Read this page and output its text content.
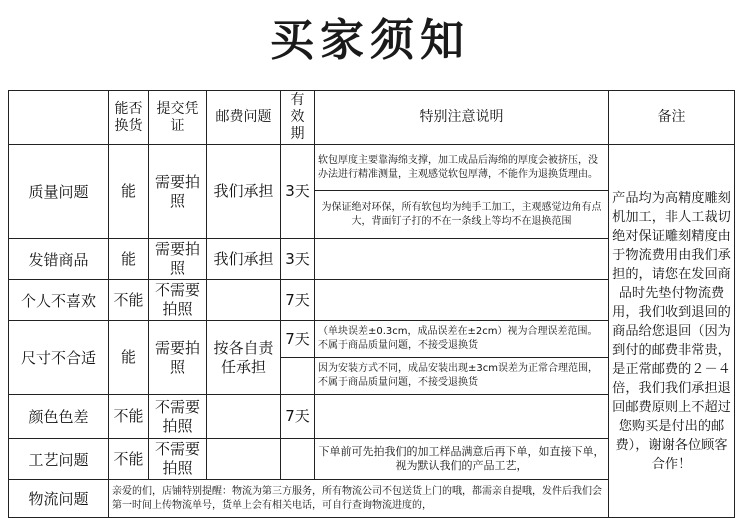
买家须知
	能否换货	提交凭证	邮费问题	有效期	特别注意说明	备注
质量问题	能	需要拍照	我们承担	3天	软包厚度主要靠海绵支撑，加工成品后海绵的厚度会被挤压，没办法进行精准测量，主观感觉软包厚薄，不能作为退换货理由。	产品均为高精度雕刻机加工，非人工裁切绝对保证雕刻精度由于物流费用由我们承担的，请您在发回商品时先垫付物流费用，我们收到退回的商品给您退回（因为到付的邮费非常贵，是正常邮费的２－４倍，我们我们承担退回邮费原则上不超过您购买是付出的邮费），谢谢各位顾客合作！
					为保证绝对环保，所有软包均为纯手工加工，主观感觉边角有点大，背面钉子打的不在一条线上等均不在退换范围	
发错商品	能	需要拍照	我们承担	3天		
个人不喜欢	不能	不需要拍照		7天		
尺寸不合适	能	需要拍照	按各自责任承担	7天	（单块误差±0.3cm，成品误差在±2cm）视为合理误差范围。不属于商品质量问题，不接受退换货	
					因为安装方式不同，成品安装出现±3cm误差为正常合理范围，不属于商品质量问题，不接受退换货	
颜色色差	不能	不需要拍照		7天		
工艺问题	不能	不需要拍照			下单前可先拍我们的加工样品满意后再下单，如直接下单，视为默认我们的产品工艺，	
物流问题	亲爱的们，店铺特别提醒：物流为第三方服务，所有物流公司不包送货上门的哦，都需亲自提哦，发件后我们会第一时间上传物流单号，货单上会有相关电话，可自行查询物流进度的，					
